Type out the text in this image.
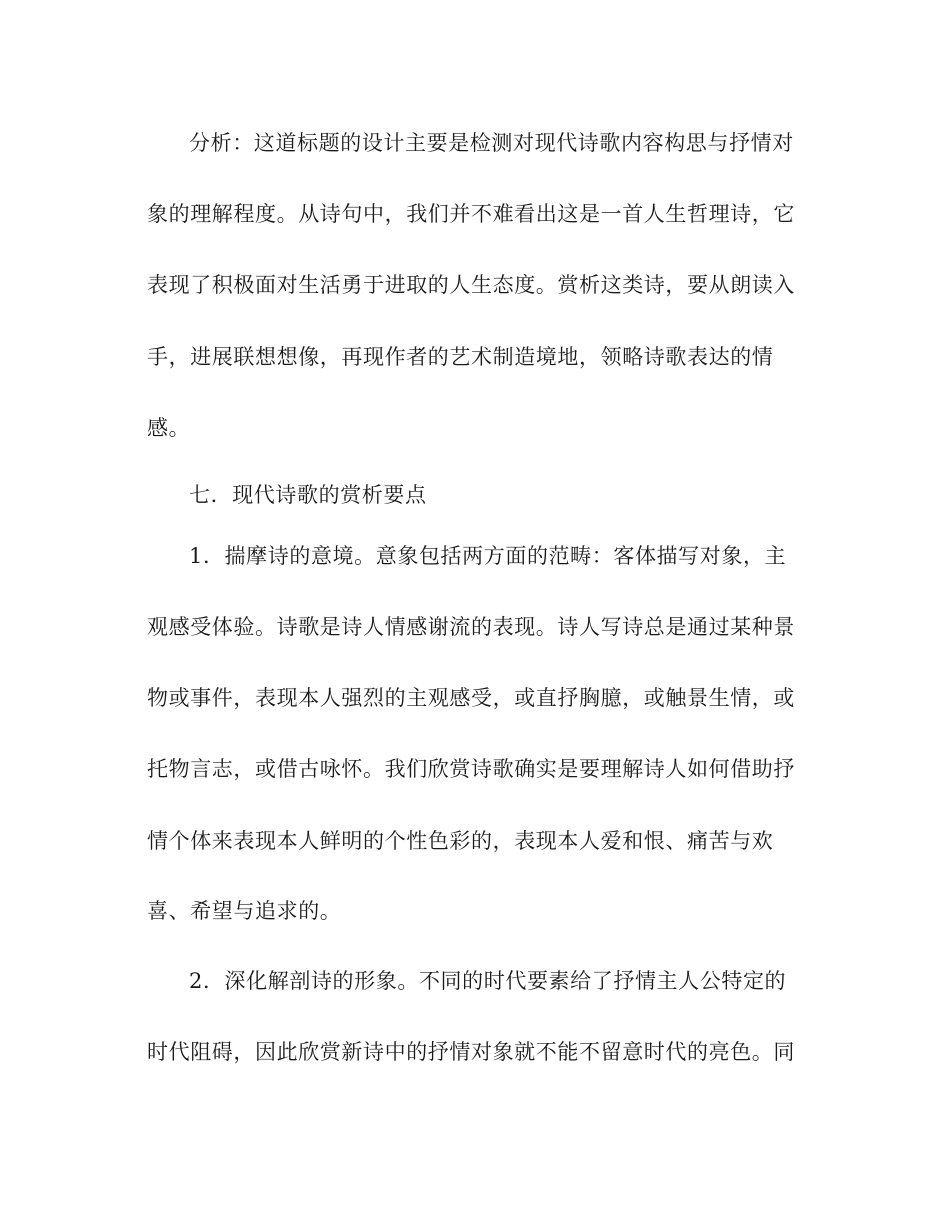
分析：这道标题的设计主要是检测对现代诗歌内容构思与抒情对
象的理解程度。从诗句中，我们并不难看出这是一首人生哲理诗，它
表现了积极面对生活勇于进取的人生态度。赏析这类诗，要从朗读入
手，进展联想想像，再现作者的艺术制造境地，领略诗歌表达的情
感。
七．现代诗歌的赏析要点
1．揣摩诗的意境。意象包括两方面的范畴：客体描写对象，主
观感受体验。诗歌是诗人情感谢流的表现。诗人写诗总是通过某种景
物或事件，表现本人强烈的主观感受，或直抒胸臆，或触景生情，或
托物言志，或借古咏怀。我们欣赏诗歌确实是要理解诗人如何借助抒
情个体来表现本人鲜明的个性色彩的，表现本人爱和恨、痛苦与欢
喜、希望与追求的。
2．深化解剖诗的形象。不同的时代要素给了抒情主人公特定的
时代阻碍，因此欣赏新诗中的抒情对象就不能不留意时代的亮色。同
